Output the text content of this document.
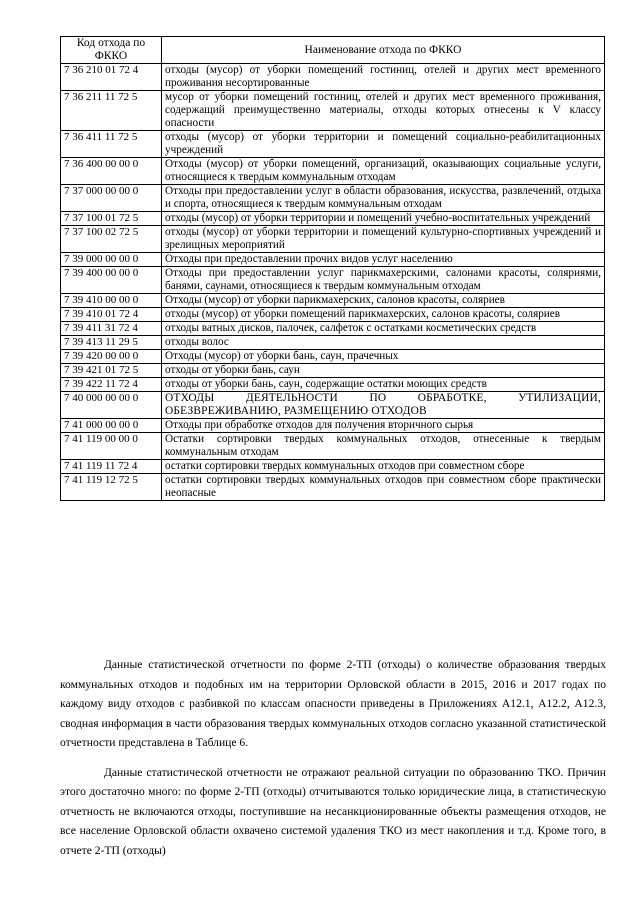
Код отхода по ФККО	Наименование отхода по ФККО
7 36 210 01 72 4	отходы (мусор) от уборки помещений гостиниц, отелей и других мест временного проживания несортированные
7 36 211 11 72 5	мусор от уборки помещений гостиниц, отелей и других мест временного проживания, содержащий преимущественно материалы, отходы которых отнесены к V классу опасности
7 36 411 11 72 5	отходы (мусор) от уборки территории и помещений социально-реабилитационных учреждений
7 36 400 00 00 0	Отходы (мусор) от уборки помещений, организаций, оказывающих социальные услуги, относящиеся к твердым коммунальным отходам
7 37 000 00 00 0	Отходы при предоставлении услуг в области образования, искусства, развлечений, отдыха и спорта, относящиеся к твердым коммунальным отходам
7 37 100 01 72 5	отходы (мусор) от уборки территории и помещений учебно-воспитательных учреждений
7 37 100 02 72 5	отходы (мусор) от уборки территории и помещений культурно-спортивных учреждений и зрелищных мероприятий
7 39 000 00 00 0	Отходы при предоставлении прочих видов услуг населению
7 39 400 00 00 0	Отходы при предоставлении услуг парикмахерскими, салонами красоты, соляриями, банями, саунами, относящиеся к твердым коммунальным отходам
7 39 410 00 00 0	Отходы (мусор) от уборки парикмахерских, салонов красоты, соляриев
7 39 410 01 72 4	отходы (мусор) от уборки помещений парикмахерских, салонов красоты, соляриев
7 39 411 31 72 4	отходы ватных дисков, палочек, салфеток с остатками косметических средств
7 39 413 11 29 5	отходы волос
7 39 420 00 00 0	Отходы (мусор) от уборки бань, саун, прачечных
7 39 421 01 72 5	отходы от уборки бань, саун
7 39 422 11 72 4	отходы от уборки бань, саун, содержащие остатки моющих средств
7 40 000 00 00 0	ОТХОДЫ ДЕЯТЕЛЬНОСТИ ПО ОБРАБОТКЕ, УТИЛИЗАЦИИ, ОБЕЗВРЕЖИВАНИЮ, РАЗМЕЩЕНИЮ ОТХОДОВ
7 41 000 00 00 0	Отходы при обработке отходов для получения вторичного сырья
7 41 119 00 00 0	Остатки сортировки твердых коммунальных отходов, отнесенные к твердым коммунальным отходам
7 41 119 11 72 4	остатки сортировки твердых коммунальных отходов при совместном сборе
7 41 119 12 72 5	остатки сортировки твердых коммунальных отходов при совместном сборе практически неопасные

Данные статистической отчетности по форме 2-ТП (отходы) о количестве образования твердых коммунальных отходов и подобных им на территории Орловской области в 2015, 2016 и 2017 годах по каждому виду отходов с разбивкой по классам опасности приведены в Приложениях А12.1, А12.2, А12.3, сводная информация в части образования твердых коммунальных отходов согласно указанной статистической отчетности представлена в Таблице 6.

Данные статистической отчетности не отражают реальной ситуации по образованию ТКО. Причин этого достаточно много: по форме 2-ТП (отходы) отчитываются только юридические лица, в статистическую отчетность не включаются отходы, поступившие на несанкционированные объекты размещения отходов, не все население Орловской области охвачено системой удаления ТКО из мест накопления и т.д. Кроме того, в отчете 2-ТП (отходы)
